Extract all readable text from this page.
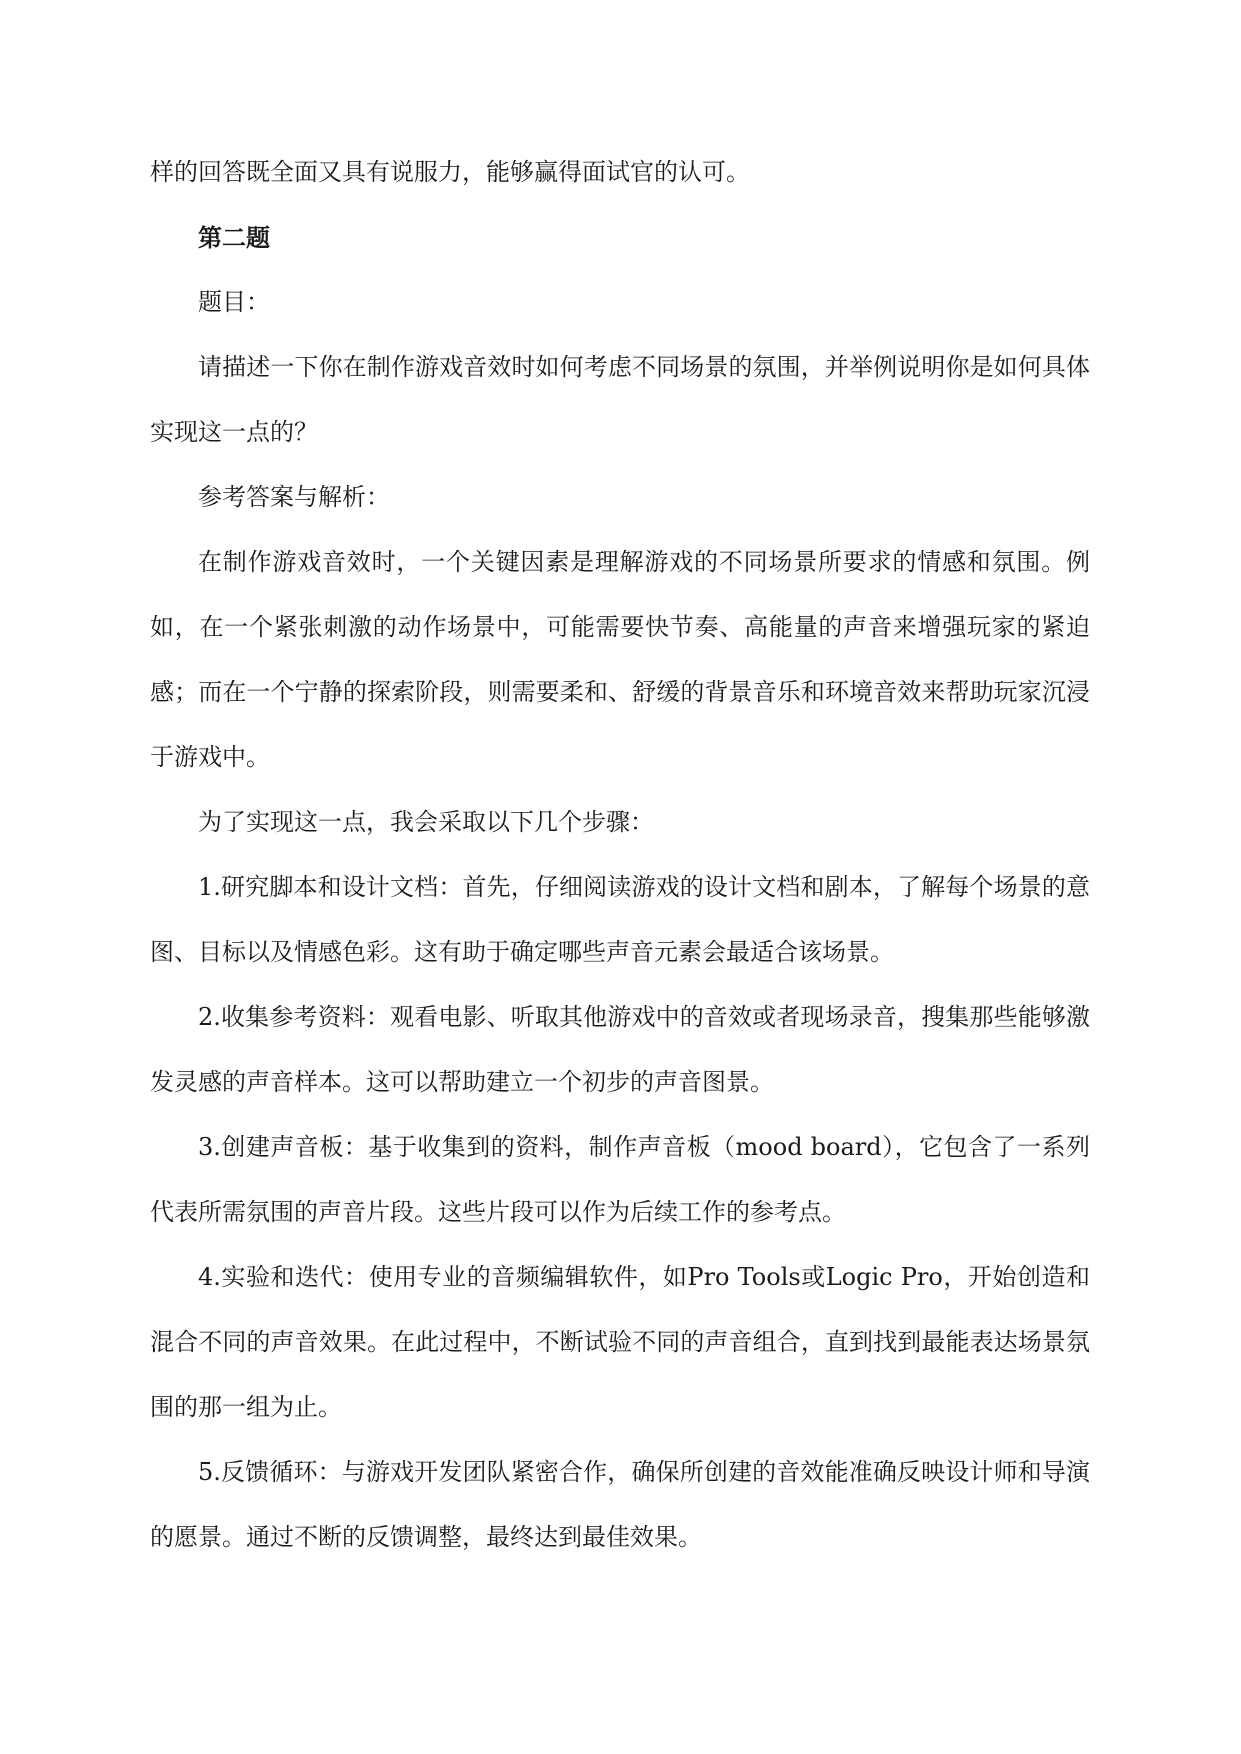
样的回答既全面又具有说服力，能够赢得面试官的认可。

第二题

题目：

请描述一下你在制作游戏音效时如何考虑不同场景的氛围，并举例说明你是如何具体实现这一点的？

参考答案与解析：

在制作游戏音效时，一个关键因素是理解游戏的不同场景所要求的情感和氛围。例如，在一个紧张刺激的动作场景中，可能需要快节奏、高能量的声音来增强玩家的紧迫感；而在一个宁静的探索阶段，则需要柔和、舒缓的背景音乐和环境音效来帮助玩家沉浸于游戏中。

为了实现这一点，我会采取以下几个步骤：

1.研究脚本和设计文档：首先，仔细阅读游戏的设计文档和剧本，了解每个场景的意图、目标以及情感色彩。这有助于确定哪些声音元素会最适合该场景。

2.收集参考资料：观看电影、听取其他游戏中的音效或者现场录音，搜集那些能够激发灵感的声音样本。这可以帮助建立一个初步的声音图景。

3.创建声音板：基于收集到的资料，制作声音板（mood board），它包含了一系列代表所需氛围的声音片段。这些片段可以作为后续工作的参考点。

4.实验和迭代：使用专业的音频编辑软件，如Pro Tools或Logic Pro，开始创造和混合不同的声音效果。在此过程中，不断试验不同的声音组合，直到找到最能表达场景氛围的那一组为止。

5.反馈循环：与游戏开发团队紧密合作，确保所创建的音效能准确反映设计师和导演的愿景。通过不断的反馈调整，最终达到最佳效果。
